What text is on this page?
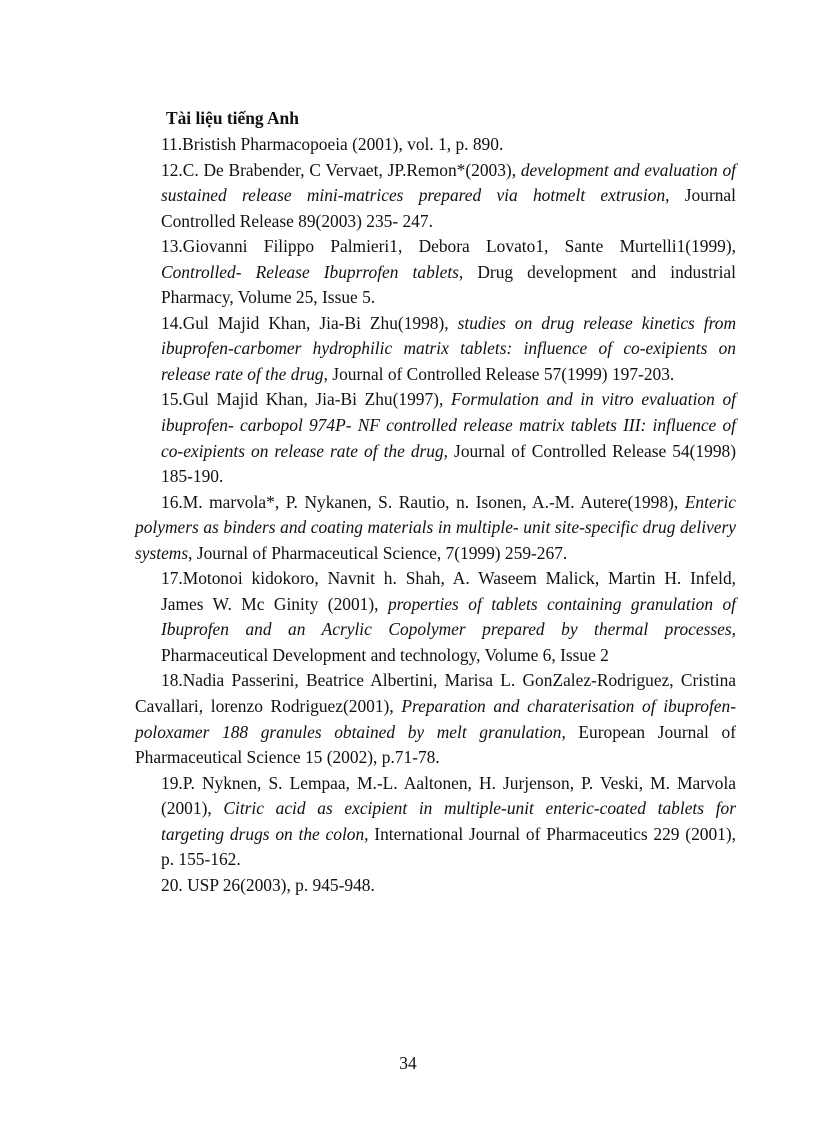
Tài liệu tiếng Anh

11.Bristish Pharmacopoeia (2001), vol. 1, p. 890.

12.C. De Brabender, C Vervaet, JP.Remon*(2003), development and evaluation of sustained release mini-matrices prepared via hotmelt extrusion, Journal Controlled Release 89(2003) 235- 247.

13.Giovanni Filippo Palmieri1, Debora Lovato1, Sante Murtelli1(1999), Controlled- Release Ibuprrofen tablets, Drug development and industrial Pharmacy, Volume 25, Issue 5.

14.Gul Majid Khan, Jia-Bi Zhu(1998), studies on drug release kinetics from ibuprofen-carbomer hydrophilic matrix tablets: influence of co-exipients on release rate of the drug, Journal of Controlled Release 57(1999) 197-203.

15.Gul Majid Khan, Jia-Bi Zhu(1997), Formulation and in vitro evaluation of ibuprofen- carbopol 974P- NF controlled release matrix tablets III: influence of co-exipients on release rate of the drug, Journal of Controlled Release 54(1998) 185-190.

16.M. marvola*, P. Nykanen, S. Rautio, n. Isonen, A.-M. Autere(1998), Enteric polymers as binders and coating materials in multiple- unit site-specific drug delivery systems, Journal of Pharmaceutical Science, 7(1999) 259-267.

17.Motonoi kidokoro, Navnit h. Shah, A. Waseem Malick, Martin H. Infeld, James W. Mc Ginity (2001), properties of tablets containing granulation of Ibuprofen and an Acrylic Copolymer prepared by thermal processes, Pharmaceutical Development and technology, Volume 6, Issue 2

18.Nadia Passerini, Beatrice Albertini, Marisa L. GonZalez-Rodriguez, Cristina Cavallari, lorenzo Rodriguez(2001), Preparation and charaterisation of ibuprofen- poloxamer 188 granules obtained by melt granulation, European Journal of Pharmaceutical Science 15 (2002), p.71-78.

19.P. Nyknen, S. Lempaa, M.-L. Aaltonen, H. Jurjenson, P. Veski, M. Marvola (2001), Citric acid as excipient in multiple-unit enteric-coated tablets for targeting drugs on the colon, International Journal of Pharmaceutics 229 (2001), p. 155-162.

20. USP 26(2003), p. 945-948.

34
